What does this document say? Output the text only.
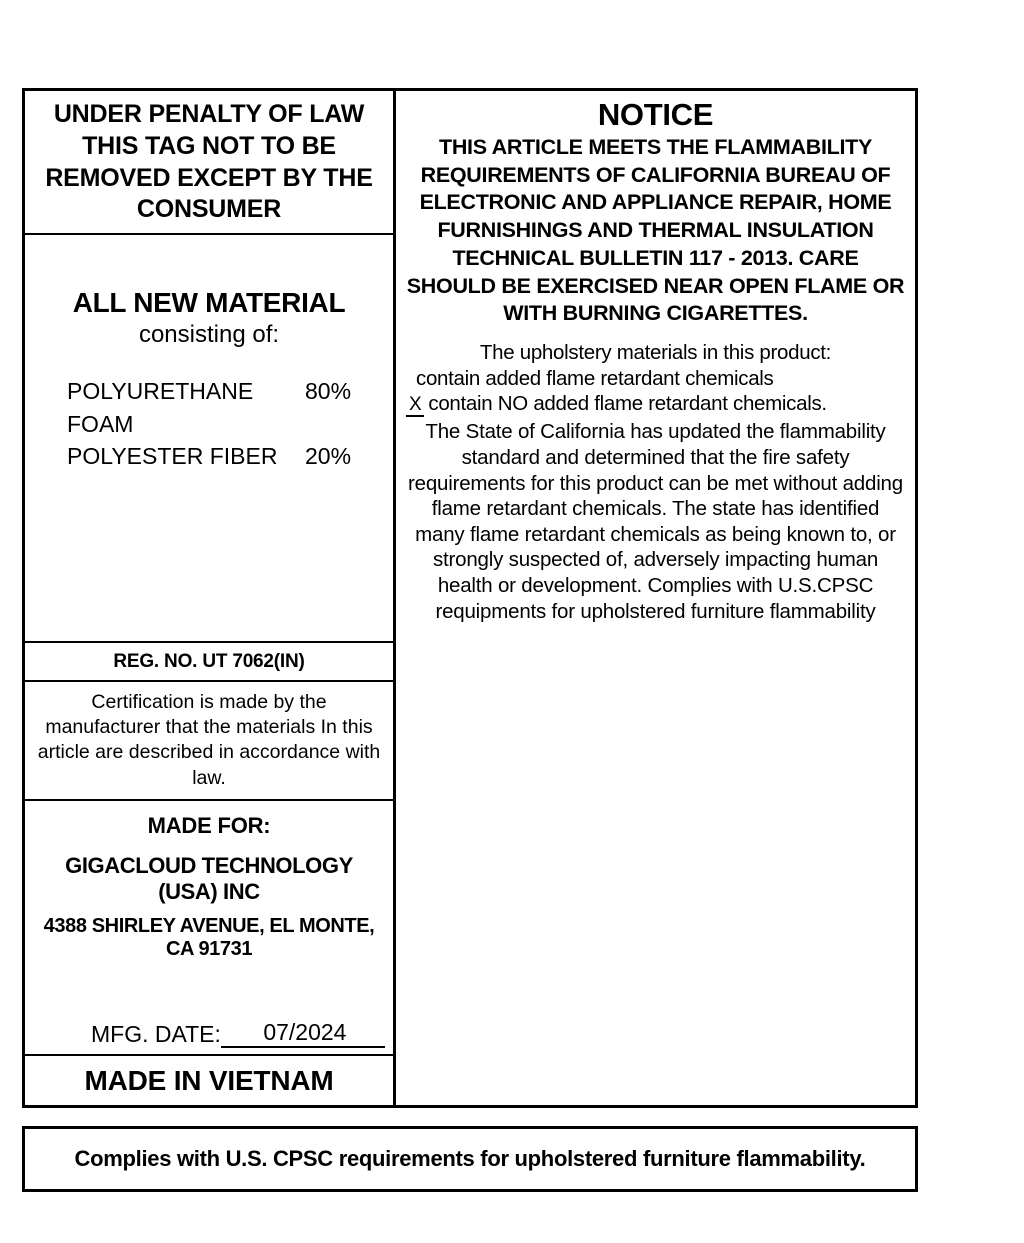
UNDER PENALTY OF LAW THIS TAG NOT TO BE REMOVED EXCEPT BY THE CONSUMER
ALL NEW MATERIAL
consisting of:
POLYURETHANE FOAM
80%
POLYESTER FIBER	20%
REG. NO. UT 7062(IN)
Certification is made by the manufacturer that the materials In this article are described in accordance with law.
MADE FOR:
GIGACLOUD TECHNOLOGY (USA) INC
4388 SHIRLEY AVENUE, EL MONTE, CA 91731
MFG. DATE:	07/2024
MADE IN VIETNAM
NOTICE
THIS ARTICLE MEETS THE FLAMMABILITY REQUIREMENTS OF CALIFORNIA BUREAU OF ELECTRONIC AND APPLIANCE REPAIR, HOME FURNISHINGS AND THERMAL INSULATION TECHNICAL BULLETIN 117 - 2013. CARE SHOULD BE EXERCISED NEAR OPEN FLAME OR WITH BURNING CIGARETTES.
The upholstery materials in this product:
contain added flame retardant chemicals
X contain NO added flame retardant chemicals.
The State of California has updated the flammability standard and determined that the fire safety requirements for this product can be met without adding flame retardant chemicals. The state has identified many flame retardant chemicals as being known to, or strongly suspected of, adversely impacting human health or development. Complies with U.S.CPSC requipments for upholstered furniture flammability
Complies with U.S. CPSC requirements for upholstered furniture flammability.
